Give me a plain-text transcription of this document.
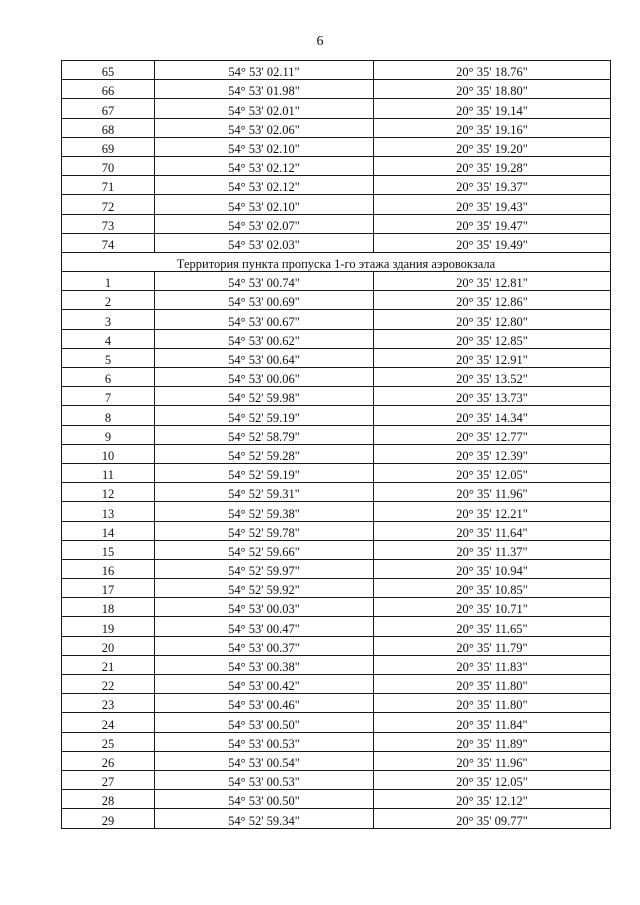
6
65	54° 53' 02.11"	20° 35' 18.76"
66	54° 53' 01.98"	20° 35' 18.80"
67	54° 53' 02.01"	20° 35' 19.14"
68	54° 53' 02.06"	20° 35' 19.16"
69	54° 53' 02.10"	20° 35' 19.20"
70	54° 53' 02.12"	20° 35' 19.28"
71	54° 53' 02.12"	20° 35' 19.37"
72	54° 53' 02.10"	20° 35' 19.43"
73	54° 53' 02.07"	20° 35' 19.47"
74	54° 53' 02.03"	20° 35' 19.49"
Территория пункта пропуска 1-го этажа здания аэровокзала		
1	54° 53' 00.74"	20° 35' 12.81"
2	54° 53' 00.69"	20° 35' 12.86"
3	54° 53' 00.67"	20° 35' 12.80"
4	54° 53' 00.62"	20° 35' 12.85"
5	54° 53' 00.64"	20° 35' 12.91"
6	54° 53' 00.06"	20° 35' 13.52"
7	54° 52' 59.98"	20° 35' 13.73"
8	54° 52' 59.19"	20° 35' 14.34"
9	54° 52' 58.79"	20° 35' 12.77"
10	54° 52' 59.28"	20° 35' 12.39"
11	54° 52' 59.19"	20° 35' 12.05"
12	54° 52' 59.31"	20° 35' 11.96"
13	54° 52' 59.38"	20° 35' 12.21"
14	54° 52' 59.78"	20° 35' 11.64"
15	54° 52' 59.66"	20° 35' 11.37"
16	54° 52' 59.97"	20° 35' 10.94"
17	54° 52' 59.92"	20° 35' 10.85"
18	54° 53' 00.03"	20° 35' 10.71"
19	54° 53' 00.47"	20° 35' 11.65"
20	54° 53' 00.37"	20° 35' 11.79"
21	54° 53' 00.38"	20° 35' 11.83"
22	54° 53' 00.42"	20° 35' 11.80"
23	54° 53' 00.46"	20° 35' 11.80"
24	54° 53' 00.50"	20° 35' 11.84"
25	54° 53' 00.53"	20° 35' 11.89"
26	54° 53' 00.54"	20° 35' 11.96"
27	54° 53' 00.53"	20° 35' 12.05"
28	54° 53' 00.50"	20° 35' 12.12"
29	54° 52' 59.34"	20° 35' 09.77"
